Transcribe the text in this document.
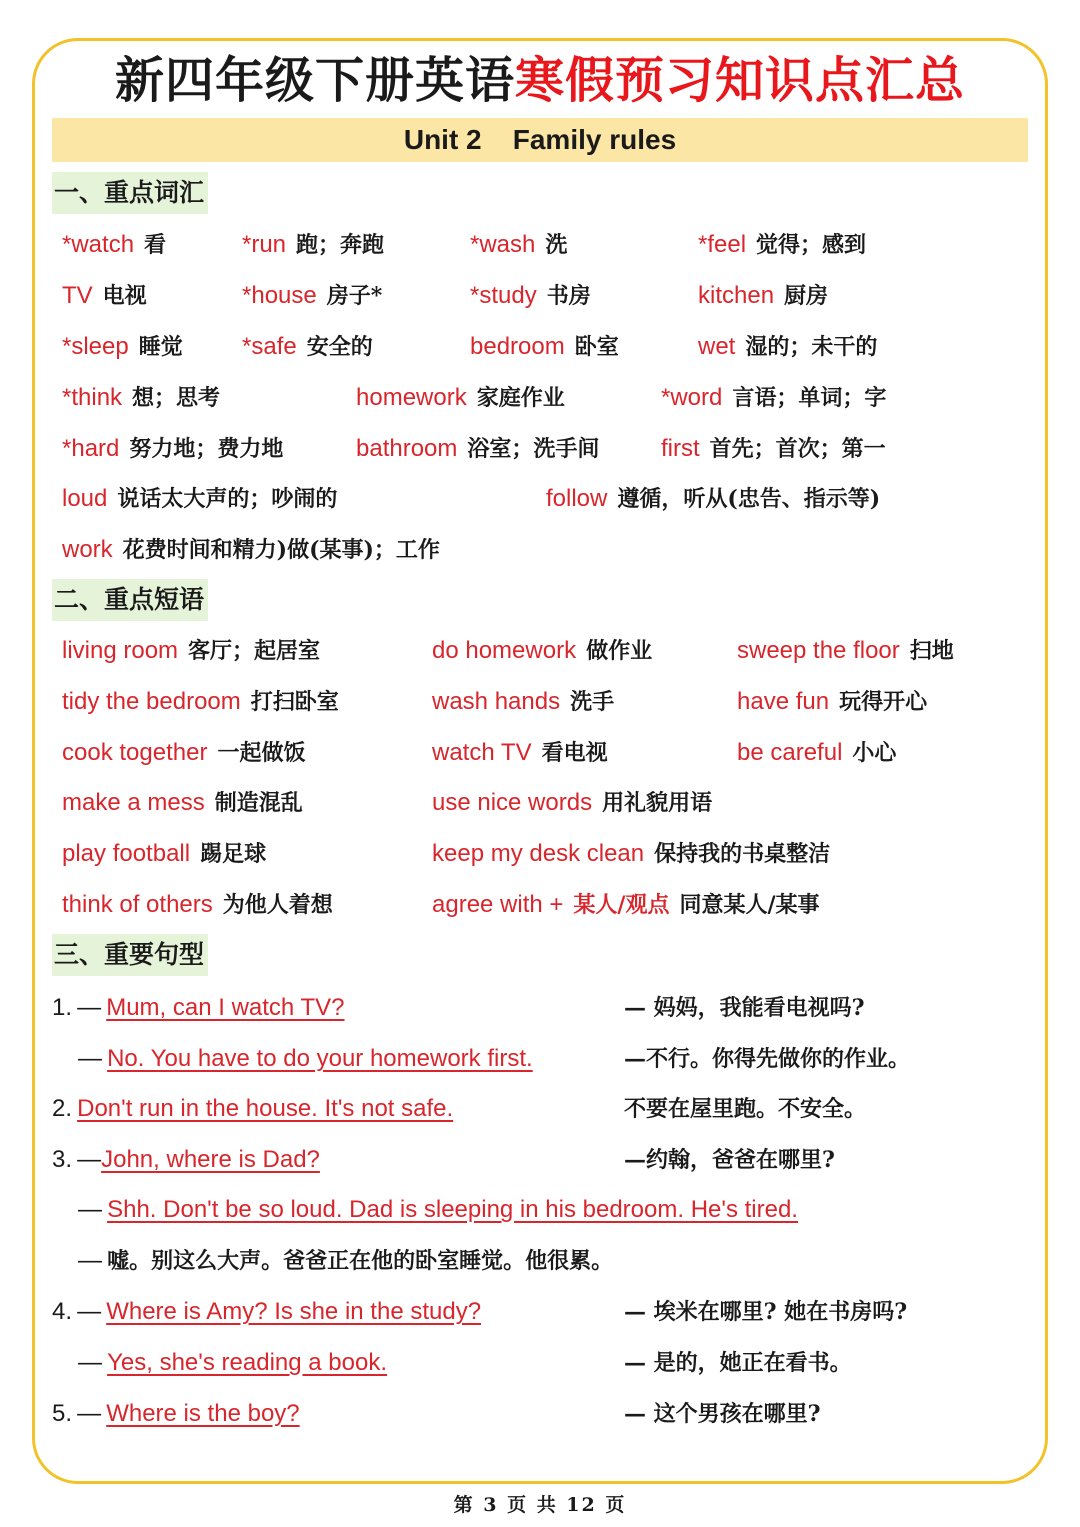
新四年级下册英语寒假预习知识点汇总
Unit 2 Family rules
一、重点词汇
*watch 看	*run 跑；奔跑	*wash 洗	*feel 觉得；感到
TV 电视	*house 房子*	*study 书房	kitchen 厨房
*sleep 睡觉 *safe 安全的	bedroom 卧室	wet 湿的；未干的
*think 想；思考	homework 家庭作业	*word 言语；单词；字
*hard 努力地；费力地	bathroom 浴室；洗手间	first 首先；首次；第一
loud 说话太大声的；吵闹的	follow 遵循，听从(忠告、指示等)
work 花费时间和精力)做(某事)；工作
二、重点短语
living room 客厅；起居室	do homework 做作业	sweep the floor 扫地
tidy the bedroom 打扫卧室	wash hands 洗手	have fun 玩得开心
cook together 一起做饭	watch TV 看电视	be careful 小心
make a mess 制造混乱	use nice words 用礼貌用语
play football 踢足球	keep my desk clean 保持我的书桌整洁
think of others 为他人着想	agree with + 某人/观点 同意某人/某事
三、重要句型
1. — Mum, can I watch TV?	— 妈妈，我能看电视吗?
— No. You have to do your homework first.	—不行。你得先做你的作业。
2. Don't run in the house. It's not safe.	不要在屋里跑。不安全。
3. —John, where is Dad?	—约翰，爸爸在哪里?
— Shh. Don't be so loud. Dad is sleeping in his bedroom. He's tired.
— 嘘。别这么大声。爸爸正在他的卧室睡觉。他很累。
4. — Where is Amy? Is she in the study?	— 埃米在哪里? 她在书房吗?
— Yes, she's reading a book.	— 是的，她正在看书。
5. — Where is the boy?	— 这个男孩在哪里?
第 3 页 共 12 页
